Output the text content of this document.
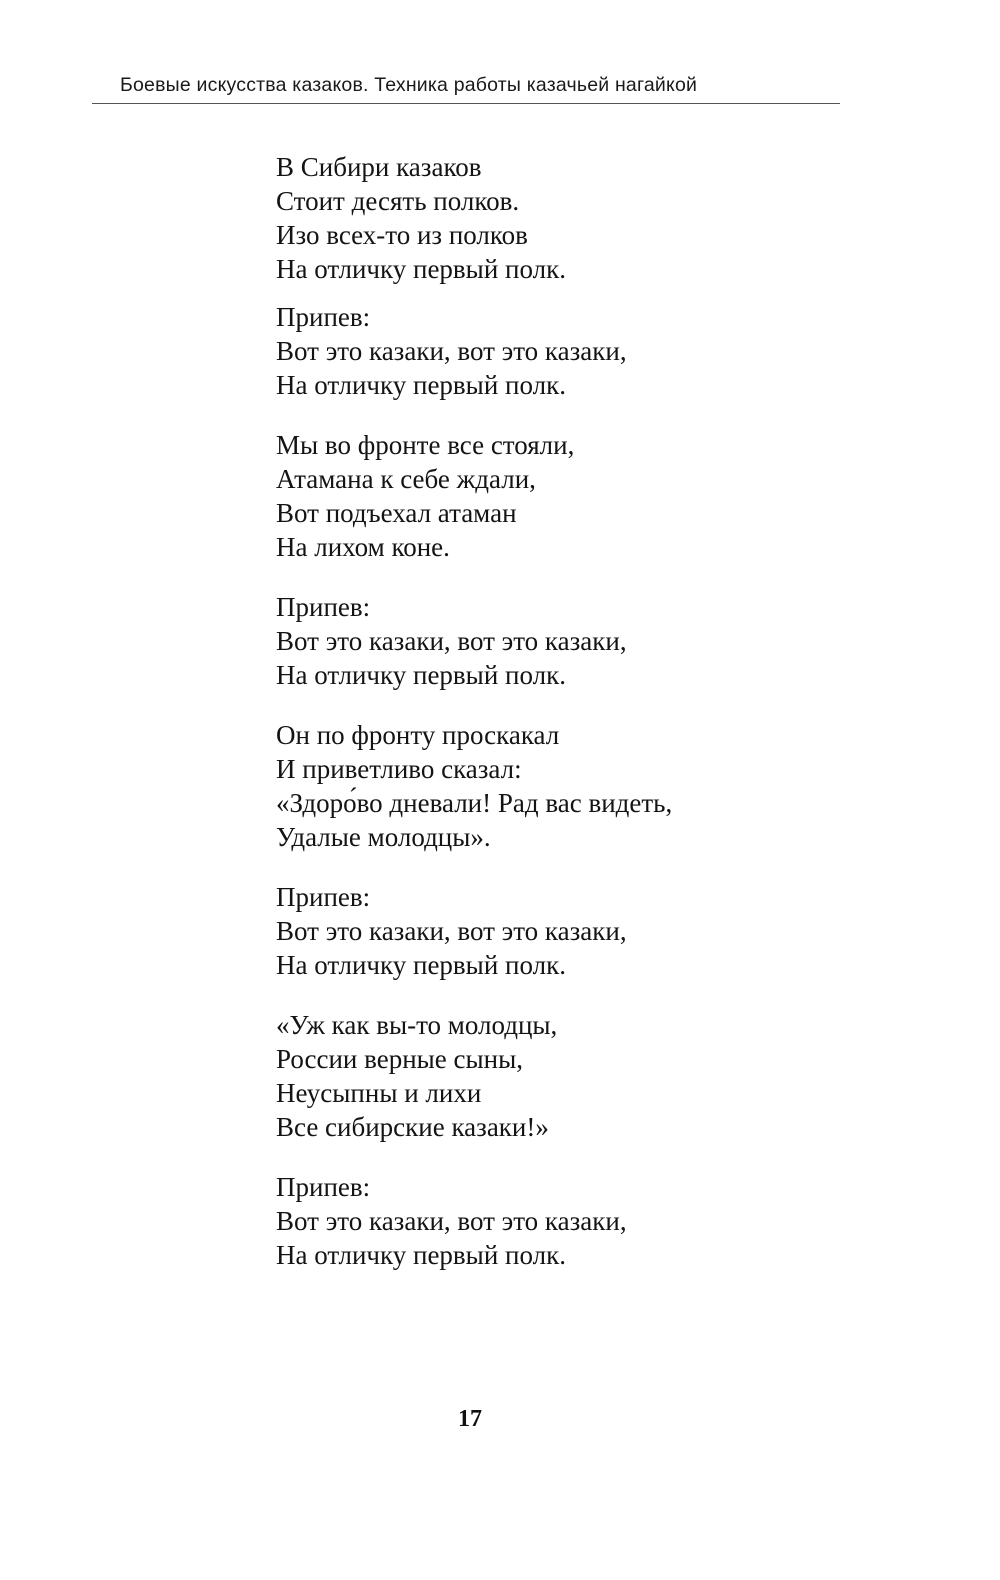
Боевые искусства казаков. Техника работы казачьей нагайкой
В Сибири казаков
Стоит десять полков.
Изо всех-то из полков
На отличку первый полк.
Припев:
Вот это казаки, вот это казаки,
На отличку первый полк.
Мы во фронте все стояли,
Атамана к себе ждали,
Вот подъехал атаман
На лихом коне.
Припев:
Вот это казаки, вот это казаки,
На отличку первый полк.
Он по фронту проскакал
И приветливо сказал:
«Здоро́во дневали! Рад вас видеть,
Удалые молодцы».
Припев:
Вот это казаки, вот это казаки,
На отличку первый полк.
«Уж как вы-то молодцы,
России верные сыны,
Неусыпны и лихи
Все сибирские казаки!»
Припев:
Вот это казаки, вот это казаки,
На отличку первый полк.
17
